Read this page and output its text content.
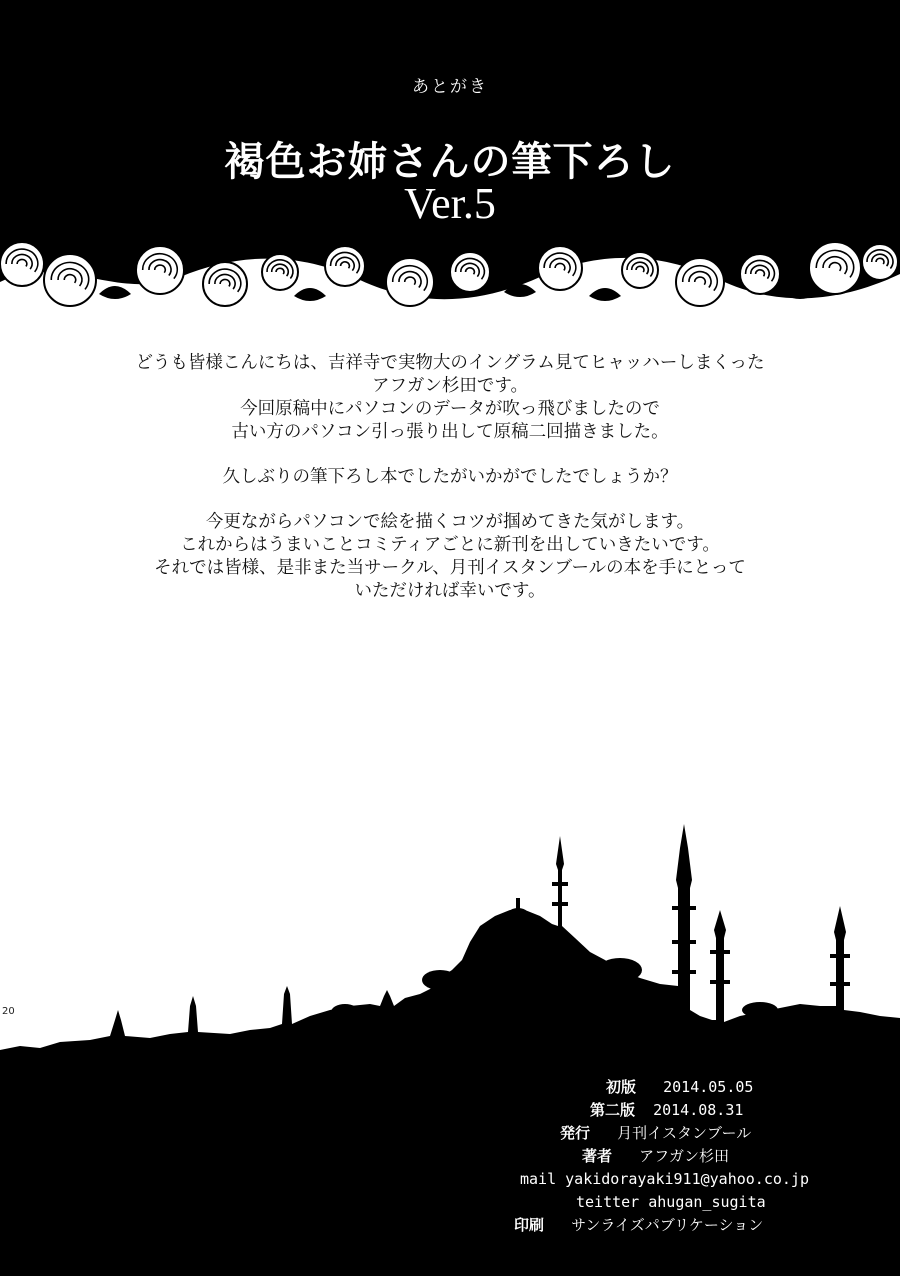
あとがき
褐色お姉さんの筆下ろし
Ver.5

どうも皆様こんにちは、吉祥寺で実物大のイングラム見てヒャッハーしまくった
アフガン杉田です。
今回原稿中にパソコンのデータが吹っ飛びましたので
古い方のパソコン引っ張り出して原稿二回描きました。

久しぶりの筆下ろし本でしたがいかがでしたでしょうか？

今更ながらパソコンで絵を描くコツが掴めてきた気がします。
これからはうまいことコミティアごとに新刊を出していきたいです。
それでは皆様、是非また当サークル、月刊イスタンブールの本を手にとって
いただければ幸いです。

20
初版 2014.05.05
第二版 2014.08.31
発行 月刊イスタンブール
著者 アフガン杉田
mail yakidorayaki911@yahoo.co.jp
teitter ahugan_sugita
印刷 サンライズパブリケーション
